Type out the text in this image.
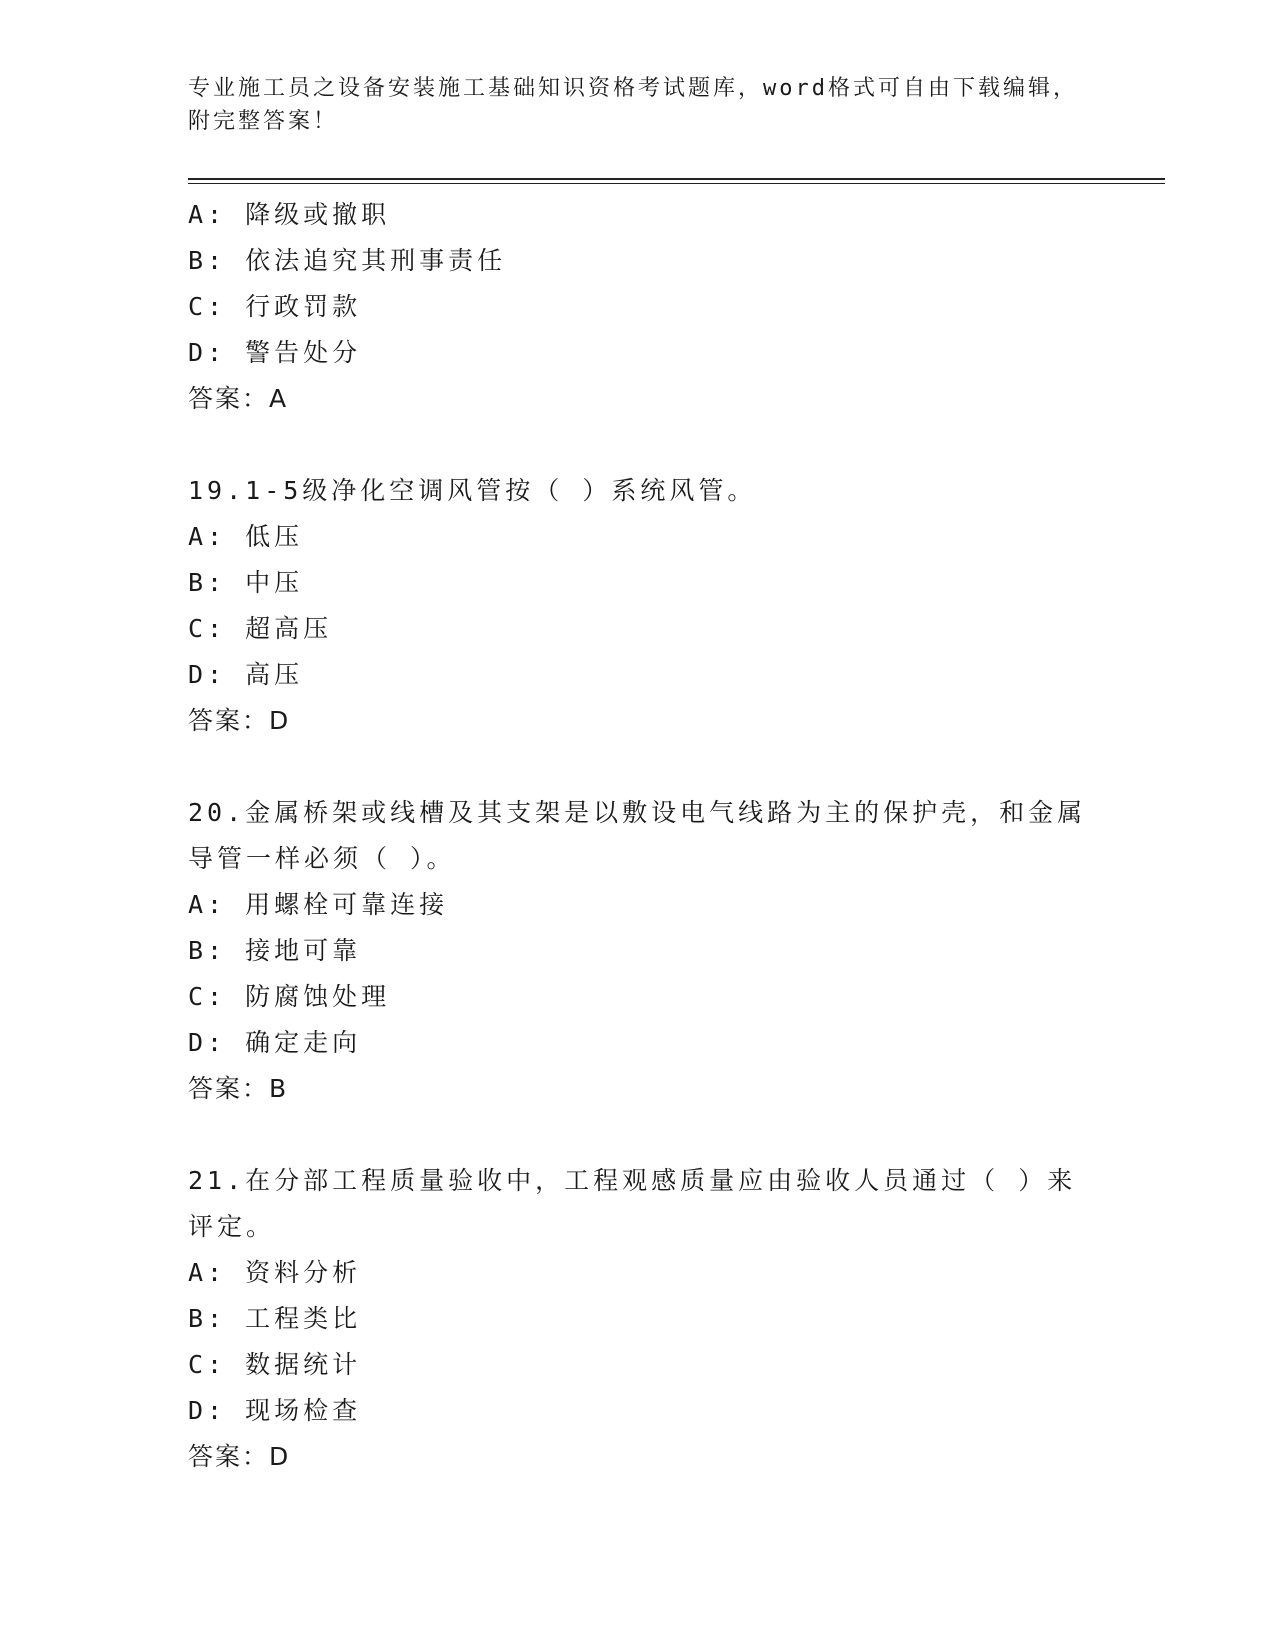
专业施工员之设备安装施工基础知识资格考试题库，word格式可自由下载编辑，
附完整答案！
A: 降级或撤职
B: 依法追究其刑事责任
C: 行政罚款
D: 警告处分
答案：A
19.1-5级净化空调风管按（ ）系统风管。
A: 低压
B: 中压
C: 超高压
D: 高压
答案：D
20.金属桥架或线槽及其支架是以敷设电气线路为主的保护壳，和金属
导管一样必须（ ）。
A: 用螺栓可靠连接
B: 接地可靠
C: 防腐蚀处理
D: 确定走向
答案：B
21.在分部工程质量验收中，工程观感质量应由验收人员通过（ ）来
评定。
A: 资料分析
B: 工程类比
C: 数据统计
D: 现场检查
答案：D
